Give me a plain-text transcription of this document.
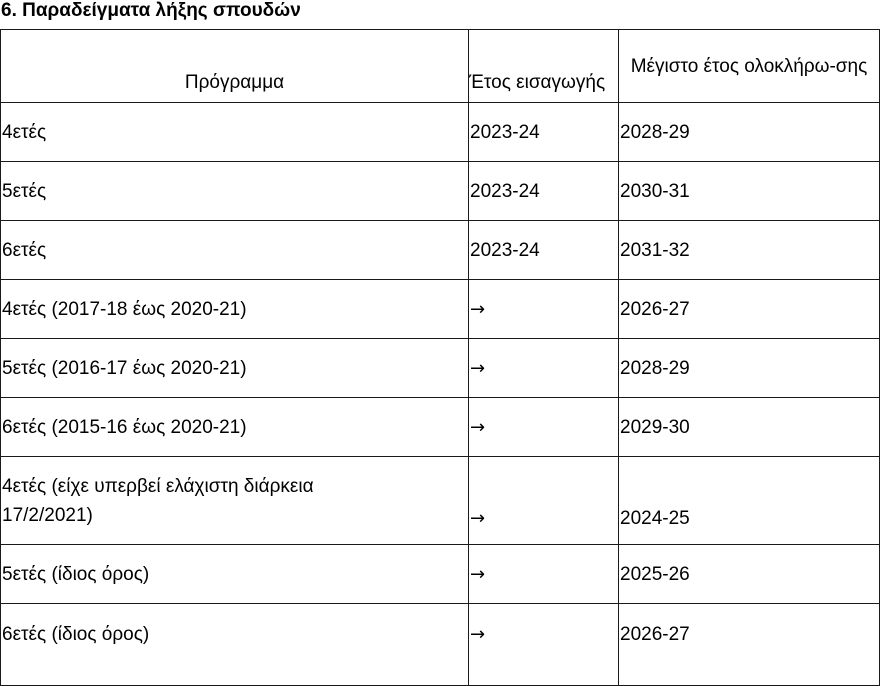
6. Παραδείγματα λήξης σπουδών
Πρόγραμμα	Έτος εισαγωγής	Μέγιστο έτος ολοκλήρω-σης
4ετές	2023-24	2028-29
5ετές	2023-24	2030-31
6ετές	2023-24	2031-32
4ετές (2017-18 έως 2020-21)	→	2026-27
5ετές (2016-17 έως 2020-21)	→	2028-29
6ετές (2015-16 έως 2020-21)	→	2029-30
4ετές (είχε υπερβεί ελάχιστη διάρκεια 17/2/2021)	→	2024-25
5ετές (ίδιος όρος)	→	2025-26
6ετές (ίδιος όρος)	→	2026-27
